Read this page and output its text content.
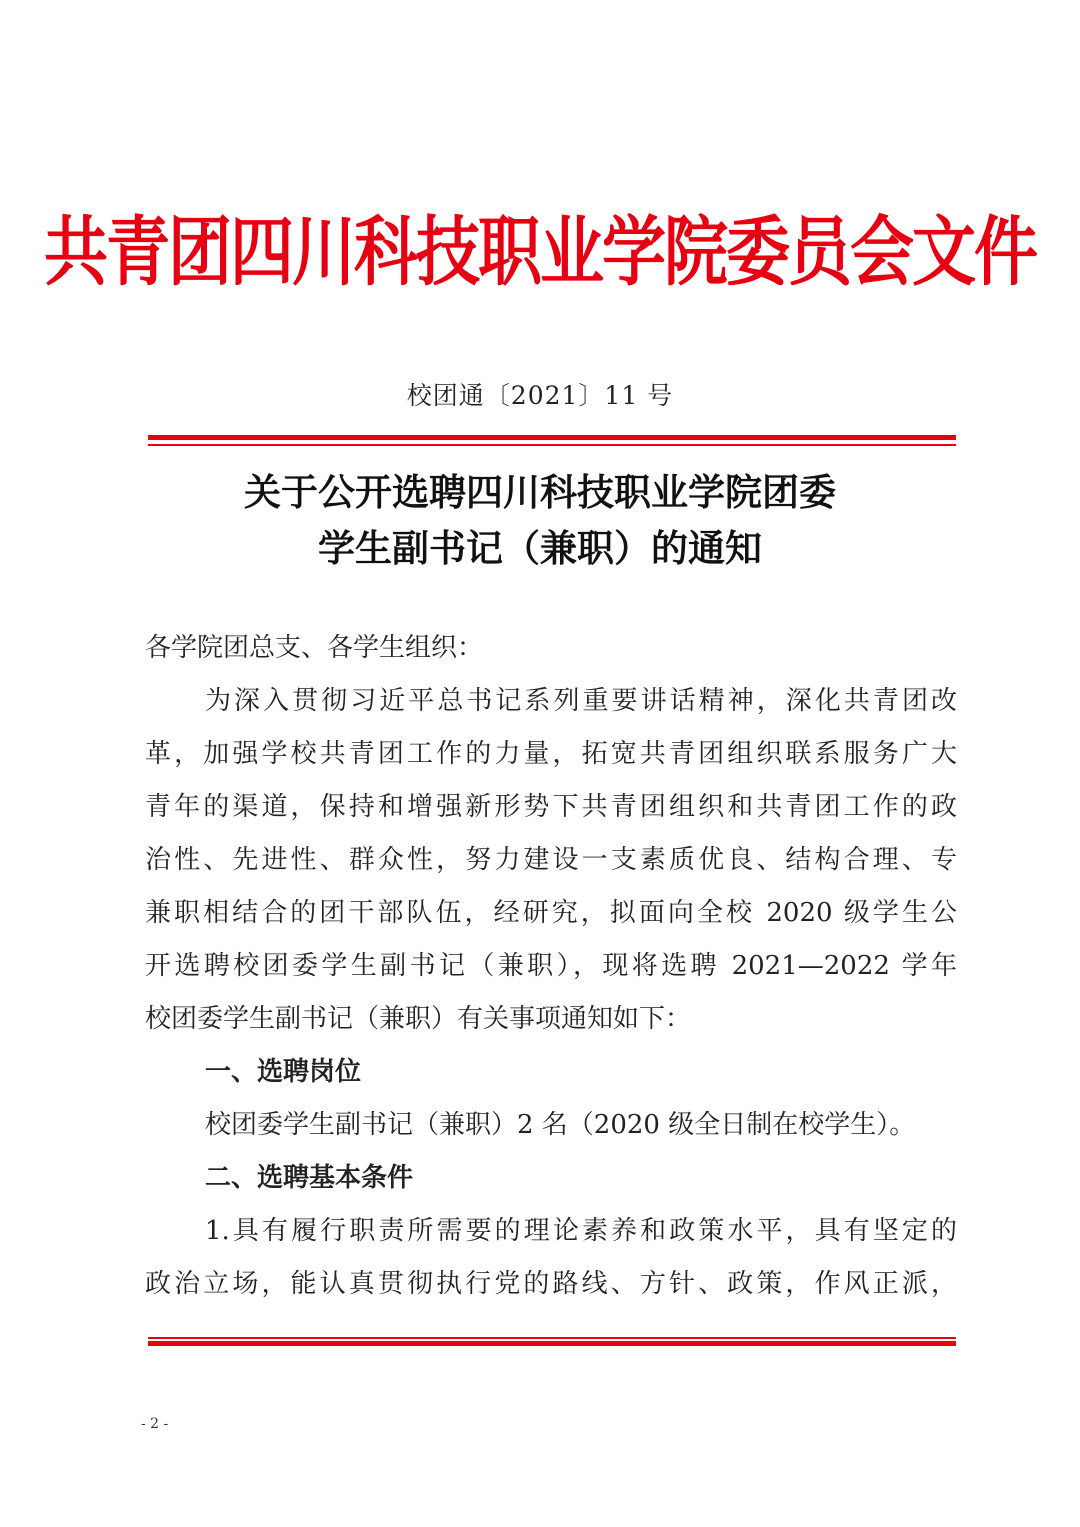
共青团四川科技职业学院委员会文件
校团通〔2021〕11 号
关于公开选聘四川科技职业学院团委
学生副书记（兼职）的通知
各学院团总支、各学生组织：
为深入贯彻习近平总书记系列重要讲话精神，深化共青团改
革，加强学校共青团工作的力量，拓宽共青团组织联系服务广大
青年的渠道，保持和增强新形势下共青团组织和共青团工作的政
治性、先进性、群众性，努力建设一支素质优良、结构合理、专
兼职相结合的团干部队伍，经研究，拟面向全校 2020 级学生公
开选聘校团委学生副书记（兼职），现将选聘 2021—2022 学年
校团委学生副书记（兼职）有关事项通知如下：
一、选聘岗位
校团委学生副书记（兼职）2 名（2020 级全日制在校学生）。
二、选聘基本条件
1.具有履行职责所需要的理论素养和政策水平，具有坚定的
政治立场，能认真贯彻执行党的路线、方针、政策，作风正派，
- 2 -
